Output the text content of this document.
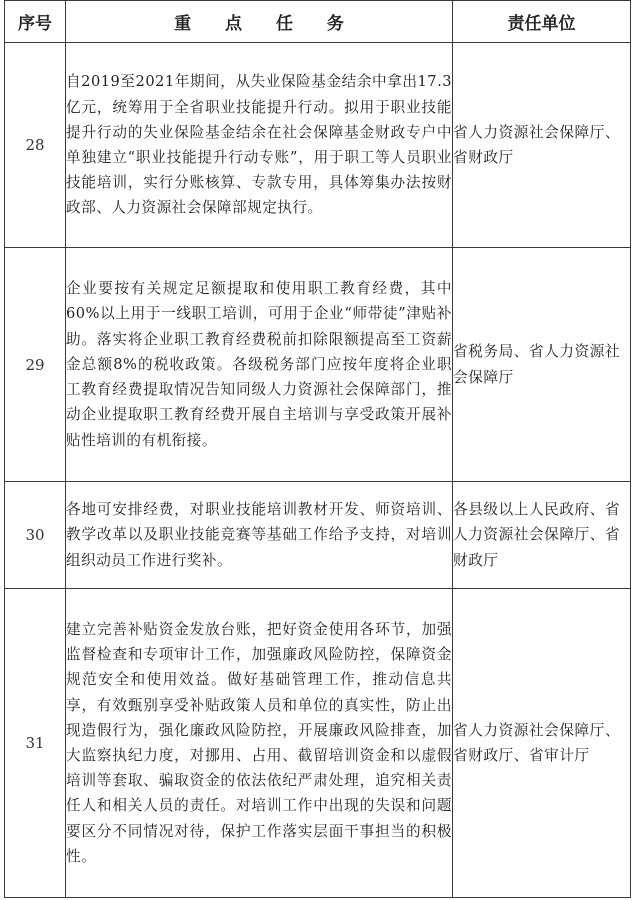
序号	重 点 任 务	责任单位
28	自2019至2021年期间，从失业保险基金结余中拿出17.3亿元，统筹用于全省职业技能提升行动。拟用于职业技能提升行动的失业保险基金结余在社会保障基金财政专户中单独建立“职业技能提升行动专账”，用于职工等人员职业技能培训，实行分账核算、专款专用，具体筹集办法按财政部、人力资源社会保障部规定执行。	省人力资源社会保障厅、省财政厅
29	企业要按有关规定足额提取和使用职工教育经费，其中60%以上用于一线职工培训，可用于企业“师带徒”津贴补助。落实将企业职工教育经费税前扣除限额提高至工资薪金总额8%的税收政策。各级税务部门应按年度将企业职工教育经费提取情况告知同级人力资源社会保障部门，推动企业提取职工教育经费开展自主培训与享受政策开展补贴性培训的有机衔接。	省税务局、省人力资源社会保障厅
30	各地可安排经费，对职业技能培训教材开发、师资培训、教学改革以及职业技能竞赛等基础工作给予支持，对培训组织动员工作进行奖补。	各县级以上人民政府、省人力资源社会保障厅、省财政厅
31	建立完善补贴资金发放台账，把好资金使用各环节，加强监督检查和专项审计工作，加强廉政风险防控，保障资金规范安全和使用效益。做好基础管理工作，推动信息共享，有效甄别享受补贴政策人员和单位的真实性，防止出现造假行为，强化廉政风险防控，开展廉政风险排查，加大监察执纪力度，对挪用、占用、截留培训资金和以虚假培训等套取、骗取资金的依法依纪严肃处理，追究相关责任人和相关人员的责任。对培训工作中出现的失误和问题要区分不同情况对待，保护工作落实层面干事担当的积极性。	省人力资源社会保障厅、省财政厅、省审计厅
